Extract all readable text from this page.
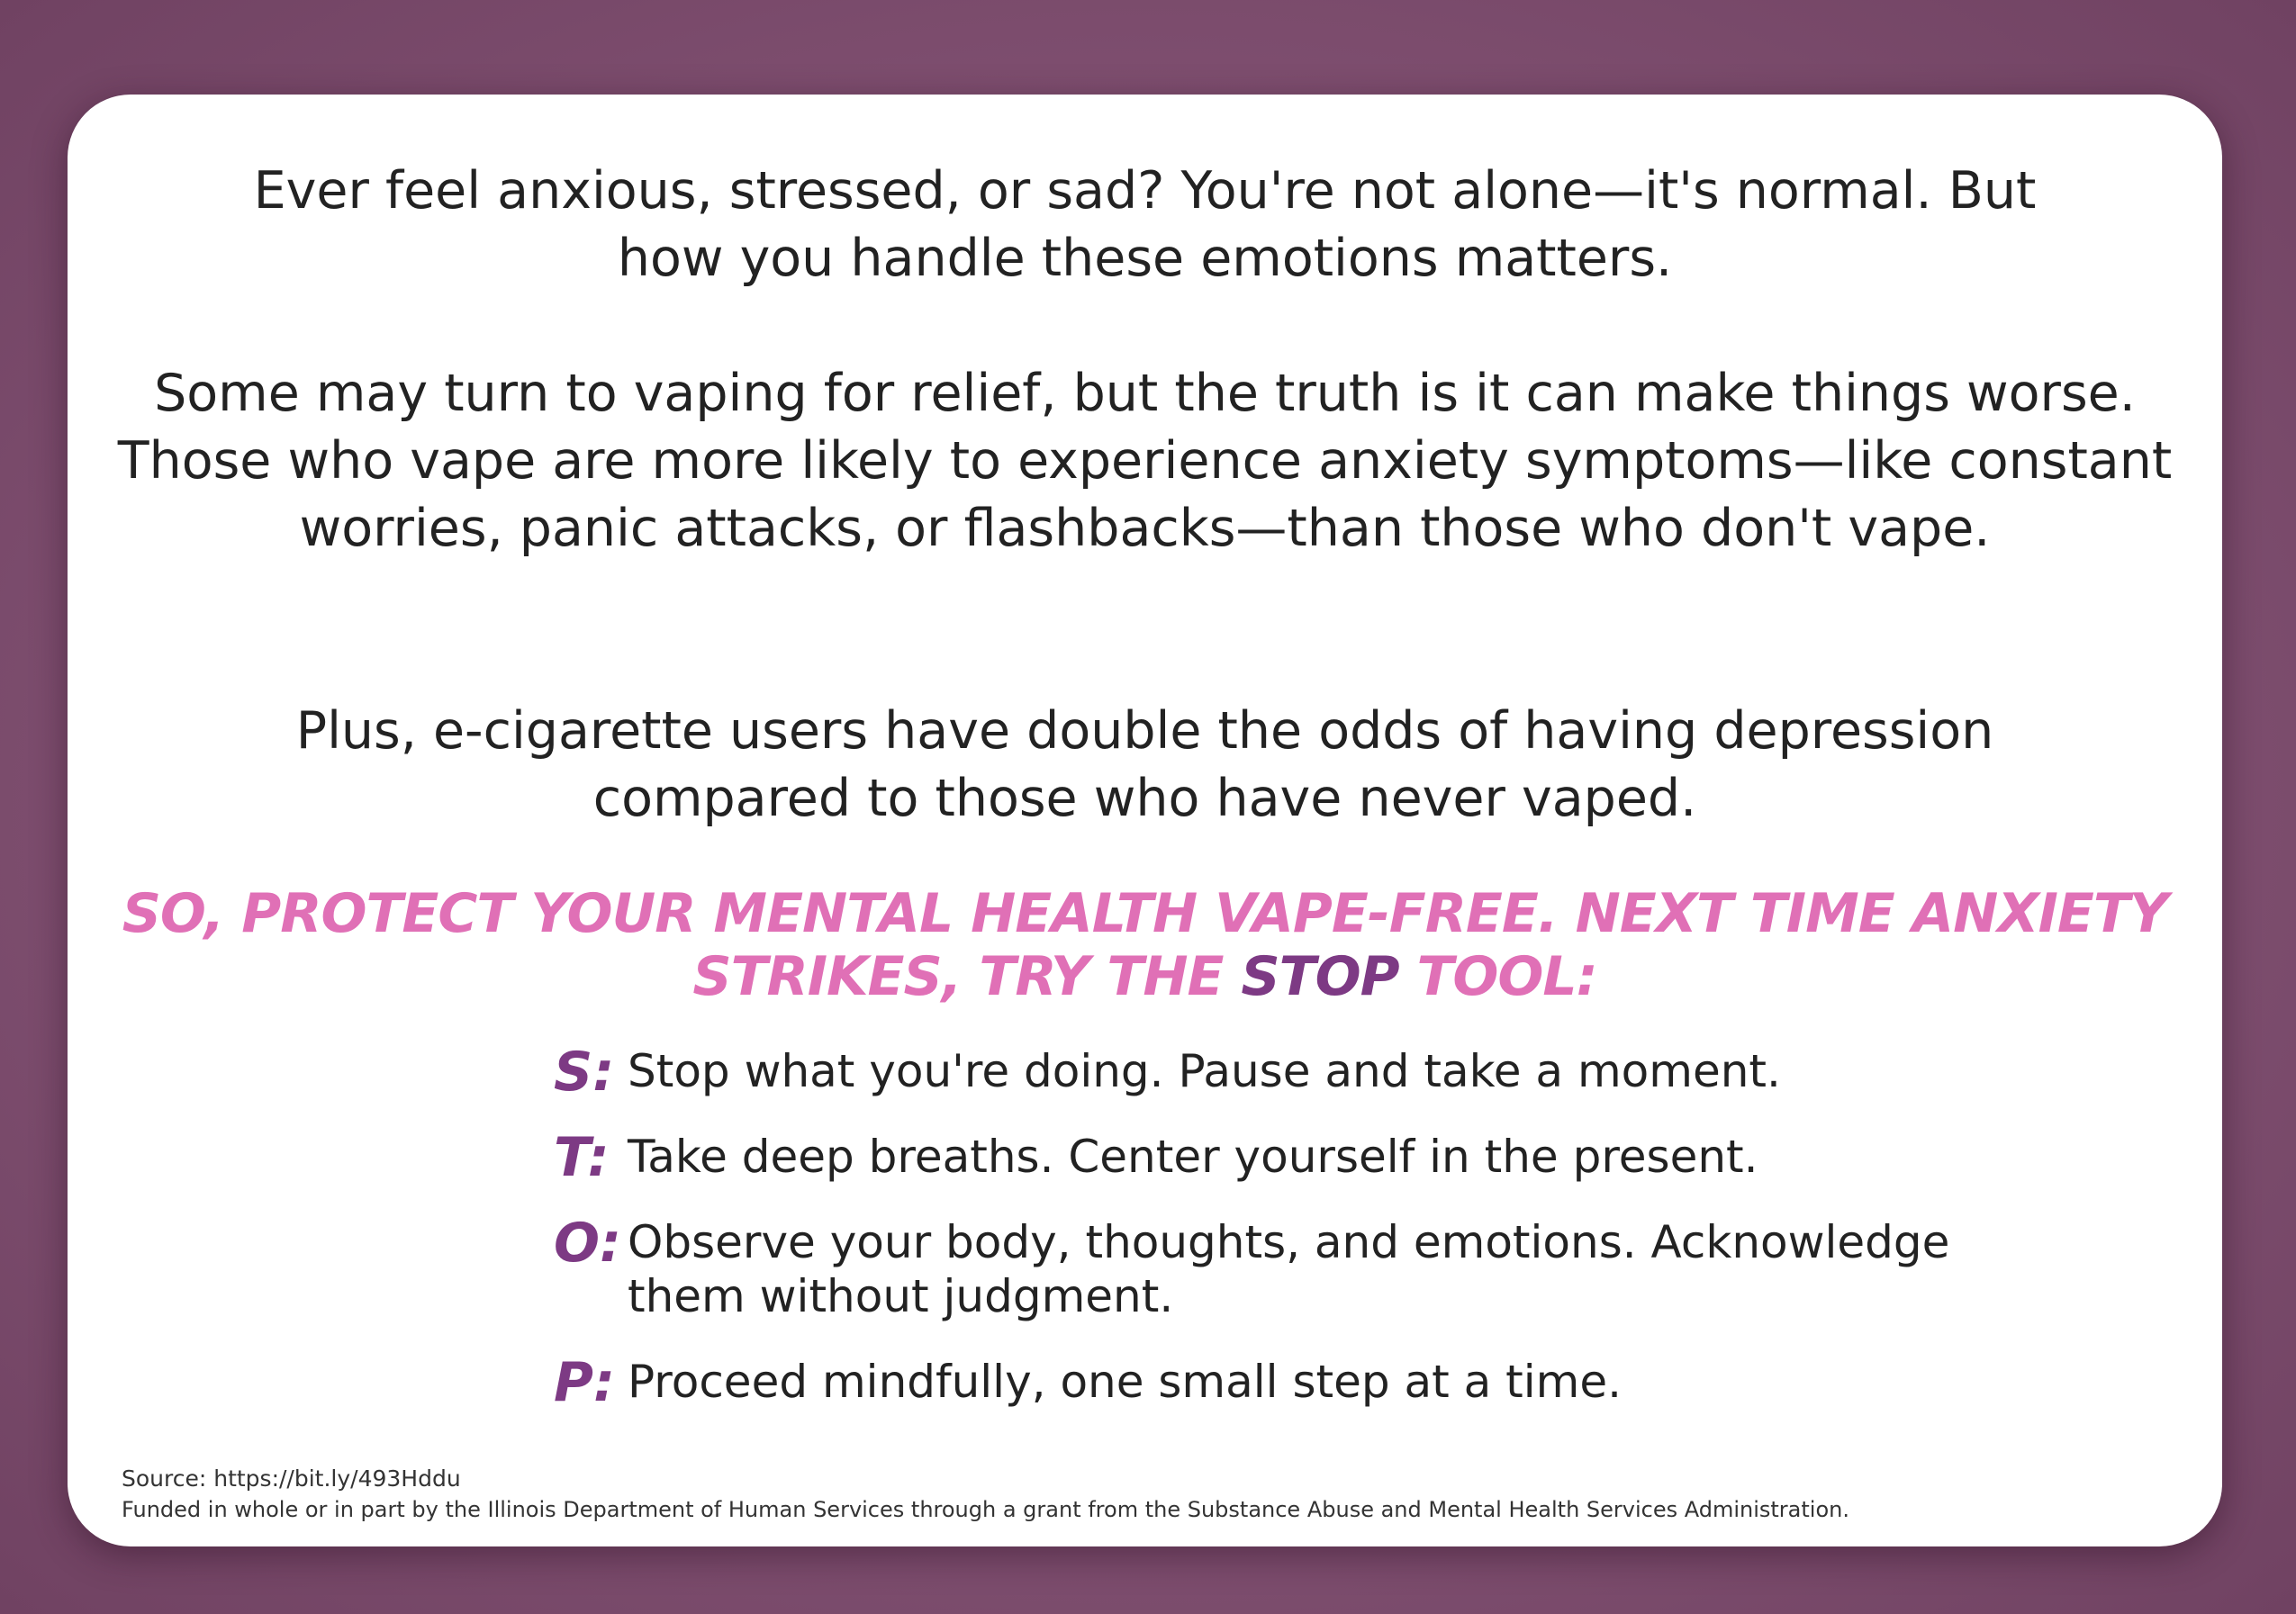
Ever feel anxious, stressed, or sad? You're not alone—it's normal. But how you handle these emotions matters.

Some may turn to vaping for relief, but the truth is it can make things worse. Those who vape are more likely to experience anxiety symptoms—like constant worries, panic attacks, or flashbacks—than those who don't vape.

Plus, e-cigarette users have double the odds of having depression compared to those who have never vaped.

SO, PROTECT YOUR MENTAL HEALTH VAPE-FREE. NEXT TIME ANXIETY
STRIKES, TRY THE STOP TOOL:
S: Stop what you're doing. Pause and take a moment.
T: Take deep breaths. Center yourself in the present.
O: Observe your body, thoughts, and emotions. Acknowledge them without judgment.
P: Proceed mindfully, one small step at a time.
Source: https://bit.ly/493Hddu
Funded in whole or in part by the Illinois Department of Human Services through a grant from the Substance Abuse and Mental Health Services Administration.
